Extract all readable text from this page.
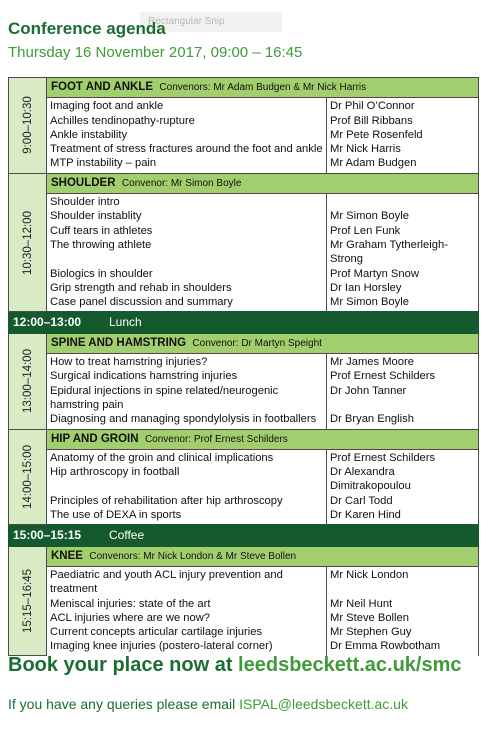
Rectangular Snip
Conference agenda
Thursday 16 November 2017, 09:00 – 16:45
9:00–10:30	FOOT AND ANKLE Convenors: Mr Adam Budgen & Mr Nick Harris	
	Imaging foot and ankle	Dr Phil O’Connor
	Achilles tendinopathy-rupture	Prof Bill Ribbans
	Ankle instability	Mr Pete Rosenfeld
	Treatment of stress fractures around the foot and ankle	Mr Nick Harris
	MTP instability – pain	Mr Adam Budgen

10:30–12:00	SHOULDER Convenor: Mr Simon Boyle	
	Shoulder intro	
	Shoulder instablity	Mr Simon Boyle
	Cuff tears in athletes	Prof Len Funk
	The throwing athlete	Mr Graham Tytherleigh-Strong
	Biologics in shoulder	Prof Martyn Snow
	Grip strength and rehab in shoulders	Dr Ian Horsley
	Case panel discussion and summary	Mr Simon Boyle
12:00–13:00 Lunch		

13:00–14:00	SPINE AND HAMSTRING Convenor: Dr Martyn Speight	
	How to treat hamstring injuries?	Mr James Moore
	Surgical indications hamstring injuries	Prof Ernest Schilders
	Epidural injections in spine related/neurogenic hamstring pain	Dr John Tanner
	Diagnosing and managing spondylolysis in footballers	Dr Bryan English

14:00–15:00	HIP AND GROIN Convenor: Prof Ernest Schilders	
	Anatomy of the groin and clinical implications	Prof Ernest Schilders
	Hip arthroscopy in football	Dr Alexandra Dimitrakopoulou
	Principles of rehabilitation after hip arthroscopy	Dr Carl Todd
	The use of DEXA in sports	Dr Karen Hind
15:00–15:15 Coffee		

15:15–16:45	KNEE Convenors: Mr Nick London & Mr Steve Bollen	
	Paediatric and youth ACL injury prevention and treatment	Mr Nick London
	Meniscal injuries: state of the art	Mr Neil Hunt
	ACL injuries where are we now?	Mr Steve Bollen
	Current concepts articular cartilage injuries	Mr Stephen Guy
	Imaging knee injuries (postero-lateral corner)	Dr Emma Rowbotham
Book your place now at leedsbeckett.ac.uk/smc
If you have any queries please email ISPAL@leedsbeckett.ac.uk
